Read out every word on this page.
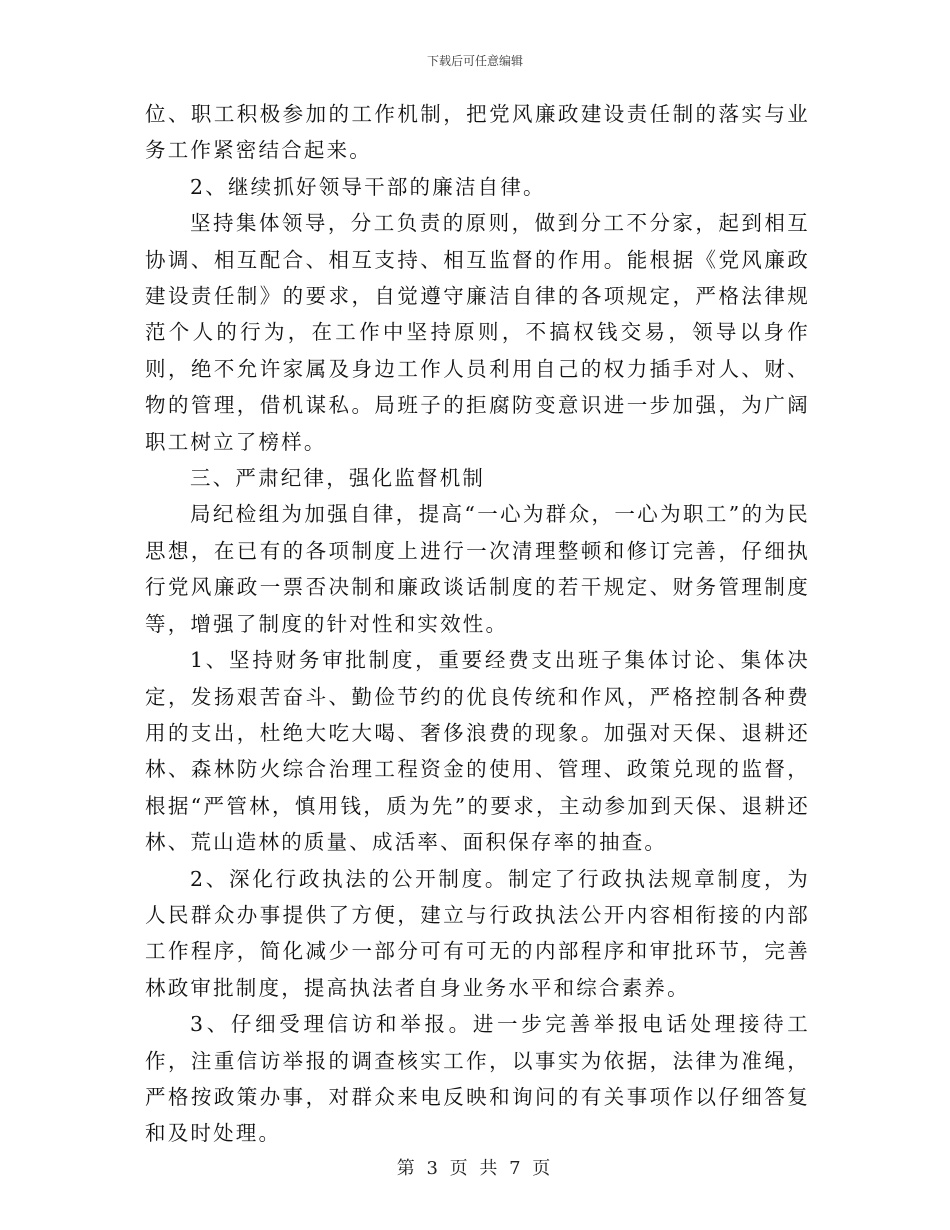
下载后可任意编辑

位、职工积极参加的工作机制，把党风廉政建设责任制的落实与业务工作紧密结合起来。

2、继续抓好领导干部的廉洁自律。

坚持集体领导，分工负责的原则，做到分工不分家，起到相互协调、相互配合、相互支持、相互监督的作用。能根据《党风廉政建设责任制》的要求，自觉遵守廉洁自律的各项规定，严格法律规范个人的行为，在工作中坚持原则，不搞权钱交易，领导以身作则，绝不允许家属及身边工作人员利用自己的权力插手对人、财、物的管理，借机谋私。局班子的拒腐防变意识进一步加强，为广阔职工树立了榜样。

三、严肃纪律，强化监督机制

局纪检组为加强自律，提高“一心为群众，一心为职工”的为民思想，在已有的各项制度上进行一次清理整顿和修订完善，仔细执行党风廉政一票否决制和廉政谈话制度的若干规定、财务管理制度等，增强了制度的针对性和实效性。

1、坚持财务审批制度，重要经费支出班子集体讨论、集体决定，发扬艰苦奋斗、勤俭节约的优良传统和作风，严格控制各种费用的支出，杜绝大吃大喝、奢侈浪费的现象。加强对天保、退耕还林、森林防火综合治理工程资金的使用、管理、政策兑现的监督，根据“严管林，慎用钱，质为先”的要求，主动参加到天保、退耕还林、荒山造林的质量、成活率、面积保存率的抽查。

2、深化行政执法的公开制度。制定了行政执法规章制度，为人民群众办事提供了方便，建立与行政执法公开内容相衔接的内部工作程序，简化减少一部分可有可无的内部程序和审批环节，完善林政审批制度，提高执法者自身业务水平和综合素养。

3、仔细受理信访和举报。进一步完善举报电话处理接待工作，注重信访举报的调查核实工作，以事实为依据，法律为准绳，严格按政策办事，对群众来电反映和询问的有关事项作以仔细答复和及时处理。

第 3 页 共 7 页
